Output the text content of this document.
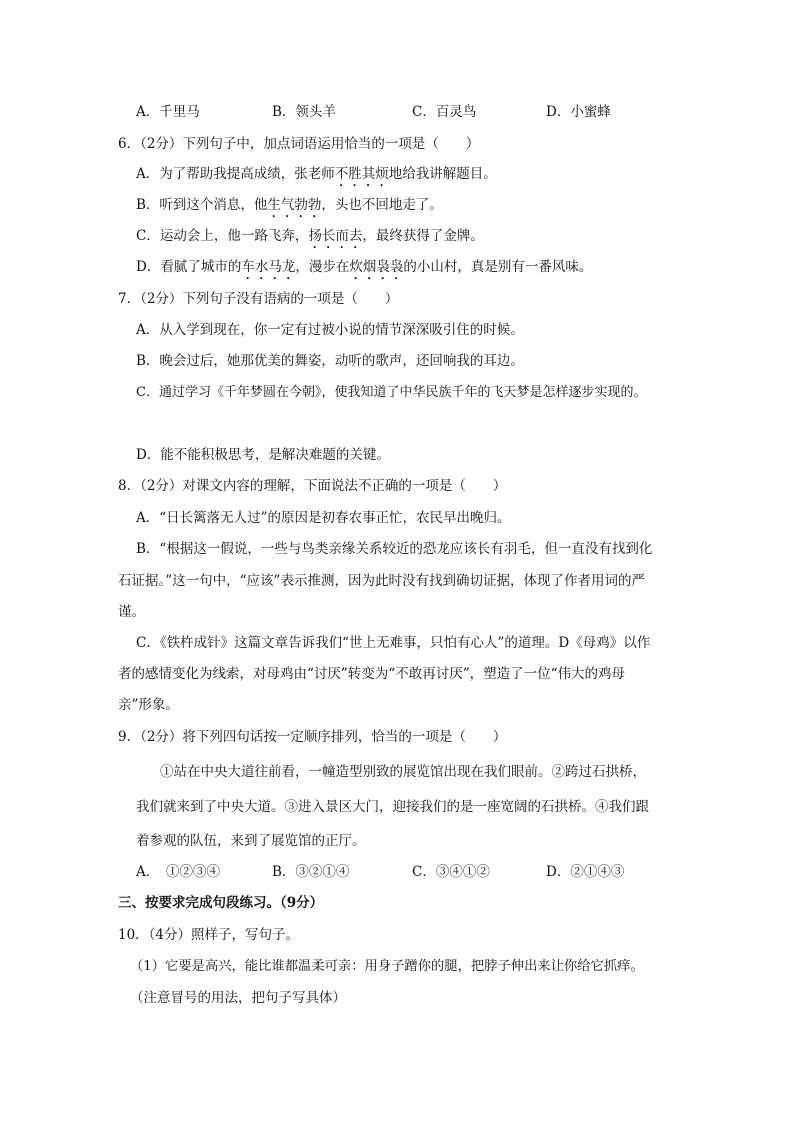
A．千里马	B．领头羊	C．百灵鸟	D．小蜜蜂
6．（2分）下列句子中，加点词语运用恰当的一项是（　　）
A．为了帮助我提高成绩，张老师不胜其烦地给我讲解题目。
B．听到这个消息，他生气勃勃，头也不回地走了。
C．运动会上，他一路飞奔，扬长而去，最终获得了金牌。
D．看腻了城市的车水马龙，漫步在炊烟袅袅的小山村，真是别有一番风味。
7．（2分）下列句子没有语病的一项是（　　）
A．从入学到现在，你一定有过被小说的情节深深吸引住的时候。
B．晚会过后，她那优美的舞姿，动听的歌声，还回响我的耳边。
C．通过学习《千年梦圆在今朝》，使我知道了中华民族千年的飞天梦是怎样逐步实现的。
D．能不能积极思考，是解决难题的关键。
8．（2分）对课文内容的理解，下面说法不正确的一项是（　　）
A．“日长篱落无人过”的原因是初春农事正忙，农民早出晚归。
B．“根据这一假说，一些与鸟类亲缘关系较近的恐龙应该长有羽毛，但一直没有找到化
石证据。”这一句中，“应该”表示推测，因为此时没有找到确切证据，体现了作者用词的严
谨。
C．《铁杵成针》这篇文章告诉我们“世上无难事，只怕有心人”的道理。D《母鸡》以作
者的感情变化为线索，对母鸡由“讨厌”转变为“不敢再讨厌”，塑造了一位“伟大的鸡母
亲”形象。
9．（2分）将下列四句话按一定顺序排列，恰当的一项是（　　）
①站在中央大道往前看，一幢造型别致的展览馆出现在我们眼前。②跨过石拱桥，
我们就来到了中央大道。③进入景区大门，迎接我们的是一座宽阔的石拱桥。④我们跟
着参观的队伍，来到了展览馆的正厅。
A．　①②③④	B．③②①④	C．③④①②	D．②①④③
三、按要求完成句段练习。（9分）
10．（4分）照样子，写句子。
（1）它要是高兴，能比谁都温柔可亲：用身子蹭你的腿，把脖子伸出来让你给它抓痒。
（注意冒号的用法，把句子写具体）
